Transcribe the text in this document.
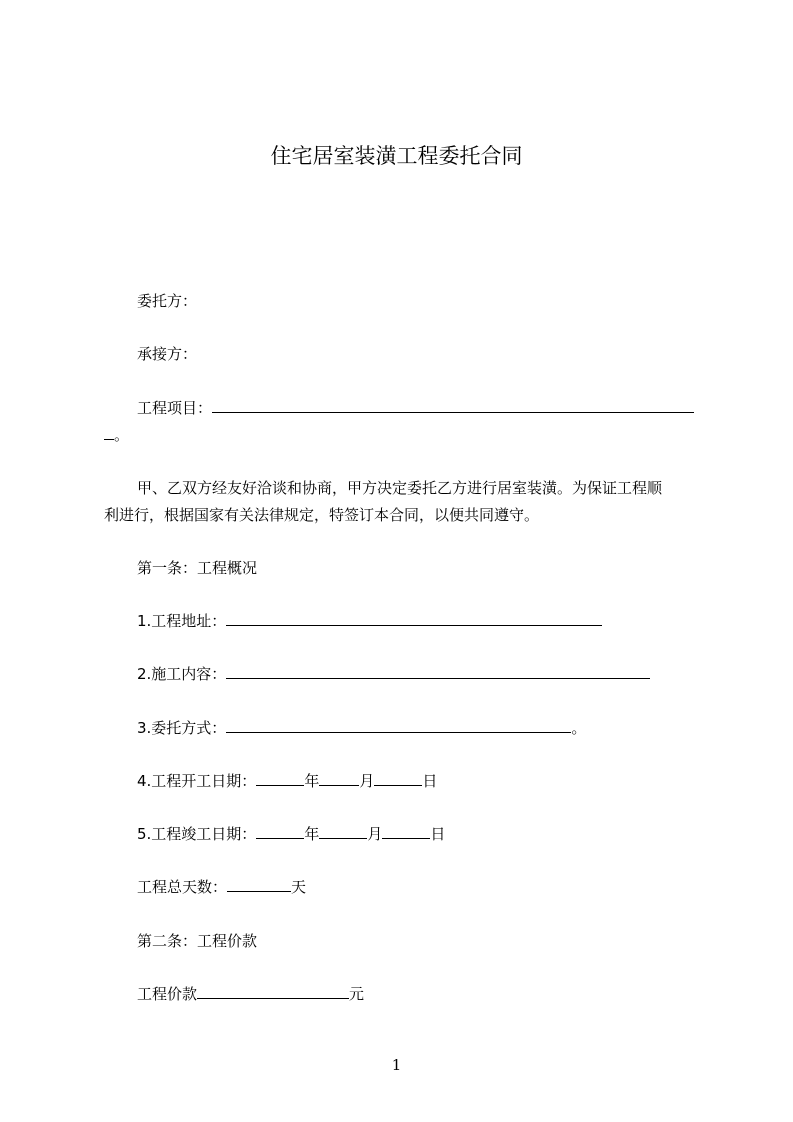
住宅居室装潢工程委托合同
委托方：
承接方：
工程项目：
。
甲、乙双方经友好洽谈和协商，甲方决定委托乙方进行居室装潢。为保证工程顺
利进行，根据国家有关法律规定，特签订本合同，以便共同遵守。
第一条：工程概况
1.工程地址：
2.施工内容：
3.委托方式：	。
4.工程开工日期：	年	月	日
5.工程竣工日期：	年	月	日
工程总天数：	天
第二条：工程价款
工程价款	元
1
